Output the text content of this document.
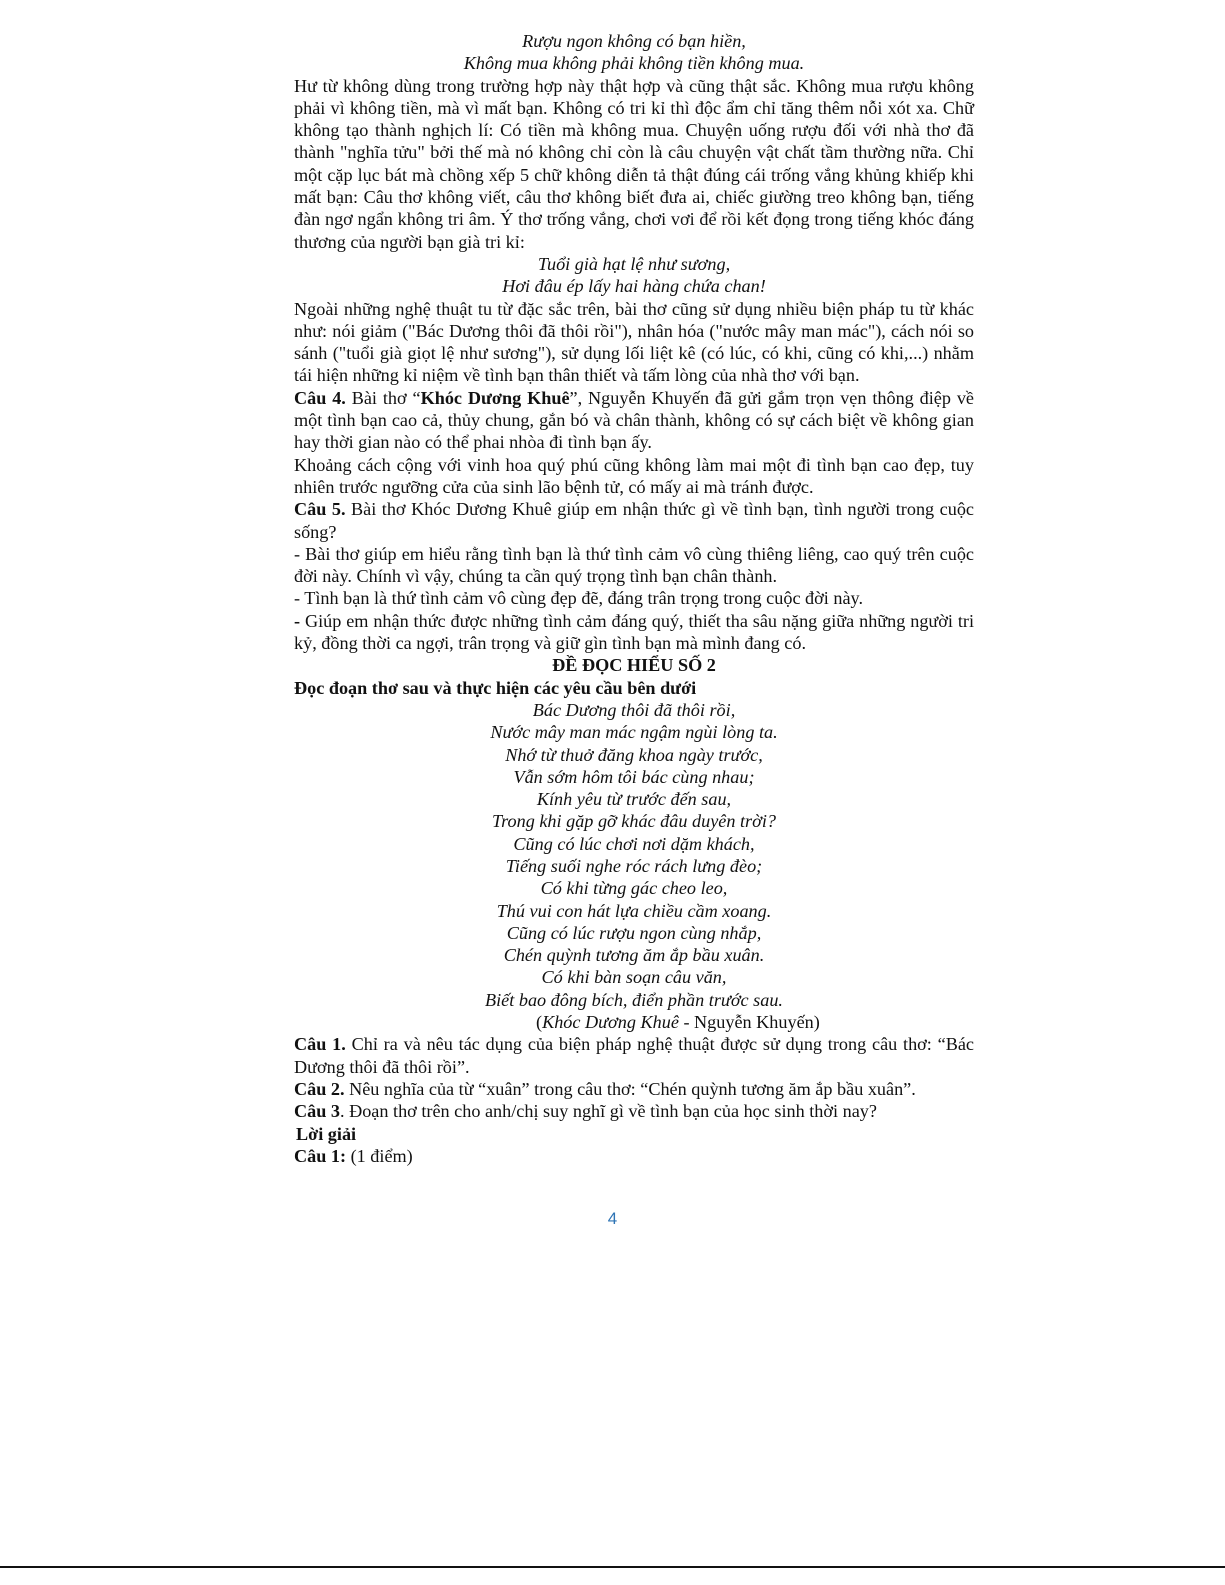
Rượu ngon không có bạn hiền,
Không mua không phải không tiền không mua.
Hư từ không dùng trong trường hợp này thật hợp và cũng thật sắc. Không mua rượu không phải vì không tiền, mà vì mất bạn. Không có tri kỉ thì độc ẩm chỉ tăng thêm nỗi xót xa. Chữ không tạo thành nghịch lí: Có tiền mà không mua. Chuyện uống rượu đối với nhà thơ đã thành "nghĩa tửu" bởi thế mà nó không chỉ còn là câu chuyện vật chất tầm thường nữa. Chỉ một cặp lục bát mà chồng xếp 5 chữ không diễn tả thật đúng cái trống vắng khủng khiếp khi mất bạn: Câu thơ không viết, câu thơ không biết đưa ai, chiếc giường treo không bạn, tiếng đàn ngơ ngẩn không tri âm. Ý thơ trống vắng, chơi vơi để rồi kết đọng trong tiếng khóc đáng thương của người bạn già tri kỉ:
Tuổi già hạt lệ như sương,
Hơi đâu ép lấy hai hàng chứa chan!
Ngoài những nghệ thuật tu từ đặc sắc trên, bài thơ cũng sử dụng nhiều biện pháp tu từ khác như: nói giảm ("Bác Dương thôi đã thôi rồi"), nhân hóa ("nước mây man mác"), cách nói so sánh ("tuổi già giọt lệ như sương"), sử dụng lối liệt kê (có lúc, có khi, cũng có khi,...) nhằm tái hiện những kỉ niệm về tình bạn thân thiết và tấm lòng của nhà thơ với bạn.
Câu 4. Bài thơ “Khóc Dương Khuê”, Nguyễn Khuyến đã gửi gắm trọn vẹn thông điệp về một tình bạn cao cả, thủy chung, gắn bó và chân thành, không có sự cách biệt về không gian hay thời gian nào có thể phai nhòa đi tình bạn ấy.
Khoảng cách cộng với vinh hoa quý phú cũng không làm mai một đi tình bạn cao đẹp, tuy nhiên trước ngưỡng cửa của sinh lão bệnh tử, có mấy ai mà tránh được.
Câu 5. Bài thơ Khóc Dương Khuê giúp em nhận thức gì về tình bạn, tình người trong cuộc sống?
- Bài thơ giúp em hiểu rằng tình bạn là thứ tình cảm vô cùng thiêng liêng, cao quý trên cuộc đời này. Chính vì vậy, chúng ta cần quý trọng tình bạn chân thành.
- Tình bạn là thứ tình cảm vô cùng đẹp đẽ, đáng trân trọng trong cuộc đời này.
- Giúp em nhận thức được những tình cảm đáng quý, thiết tha sâu nặng giữa những người tri kỷ, đồng thời ca ngợi, trân trọng và giữ gìn tình bạn mà mình đang có.
ĐỀ ĐỌC HIỂU SỐ 2
Đọc đoạn thơ sau và thực hiện các yêu cầu bên dưới
Bác Dương thôi đã thôi rồi,
Nước mây man mác ngậm ngùi lòng ta.
Nhớ từ thuở đăng khoa ngày trước,
Vẫn sớm hôm tôi bác cùng nhau;
Kính yêu từ trước đến sau,
Trong khi gặp gỡ khác đâu duyên trời?
Cũng có lúc chơi nơi dặm khách,
Tiếng suối nghe róc rách lưng đèo;
Có khi từng gác cheo leo,
Thú vui con hát lựa chiều cầm xoang.
Cũng có lúc rượu ngon cùng nhắp,
Chén quỳnh tương ăm ắp bầu xuân.
Có khi bàn soạn câu văn,
Biết bao đông bích, điển phần trước sau.
(Khóc Dương Khuê - Nguyễn Khuyến)
Câu 1. Chỉ ra và nêu tác dụng của biện pháp nghệ thuật được sử dụng trong câu thơ: “Bác Dương thôi đã thôi rồi”.
Câu 2. Nêu nghĩa của từ “xuân” trong câu thơ: “Chén quỳnh tương ăm ắp bầu xuân”.
Câu 3. Đoạn thơ trên cho anh/chị suy nghĩ gì về tình bạn của học sinh thời nay?
Lời giải
Câu 1: (1 điểm)
4
